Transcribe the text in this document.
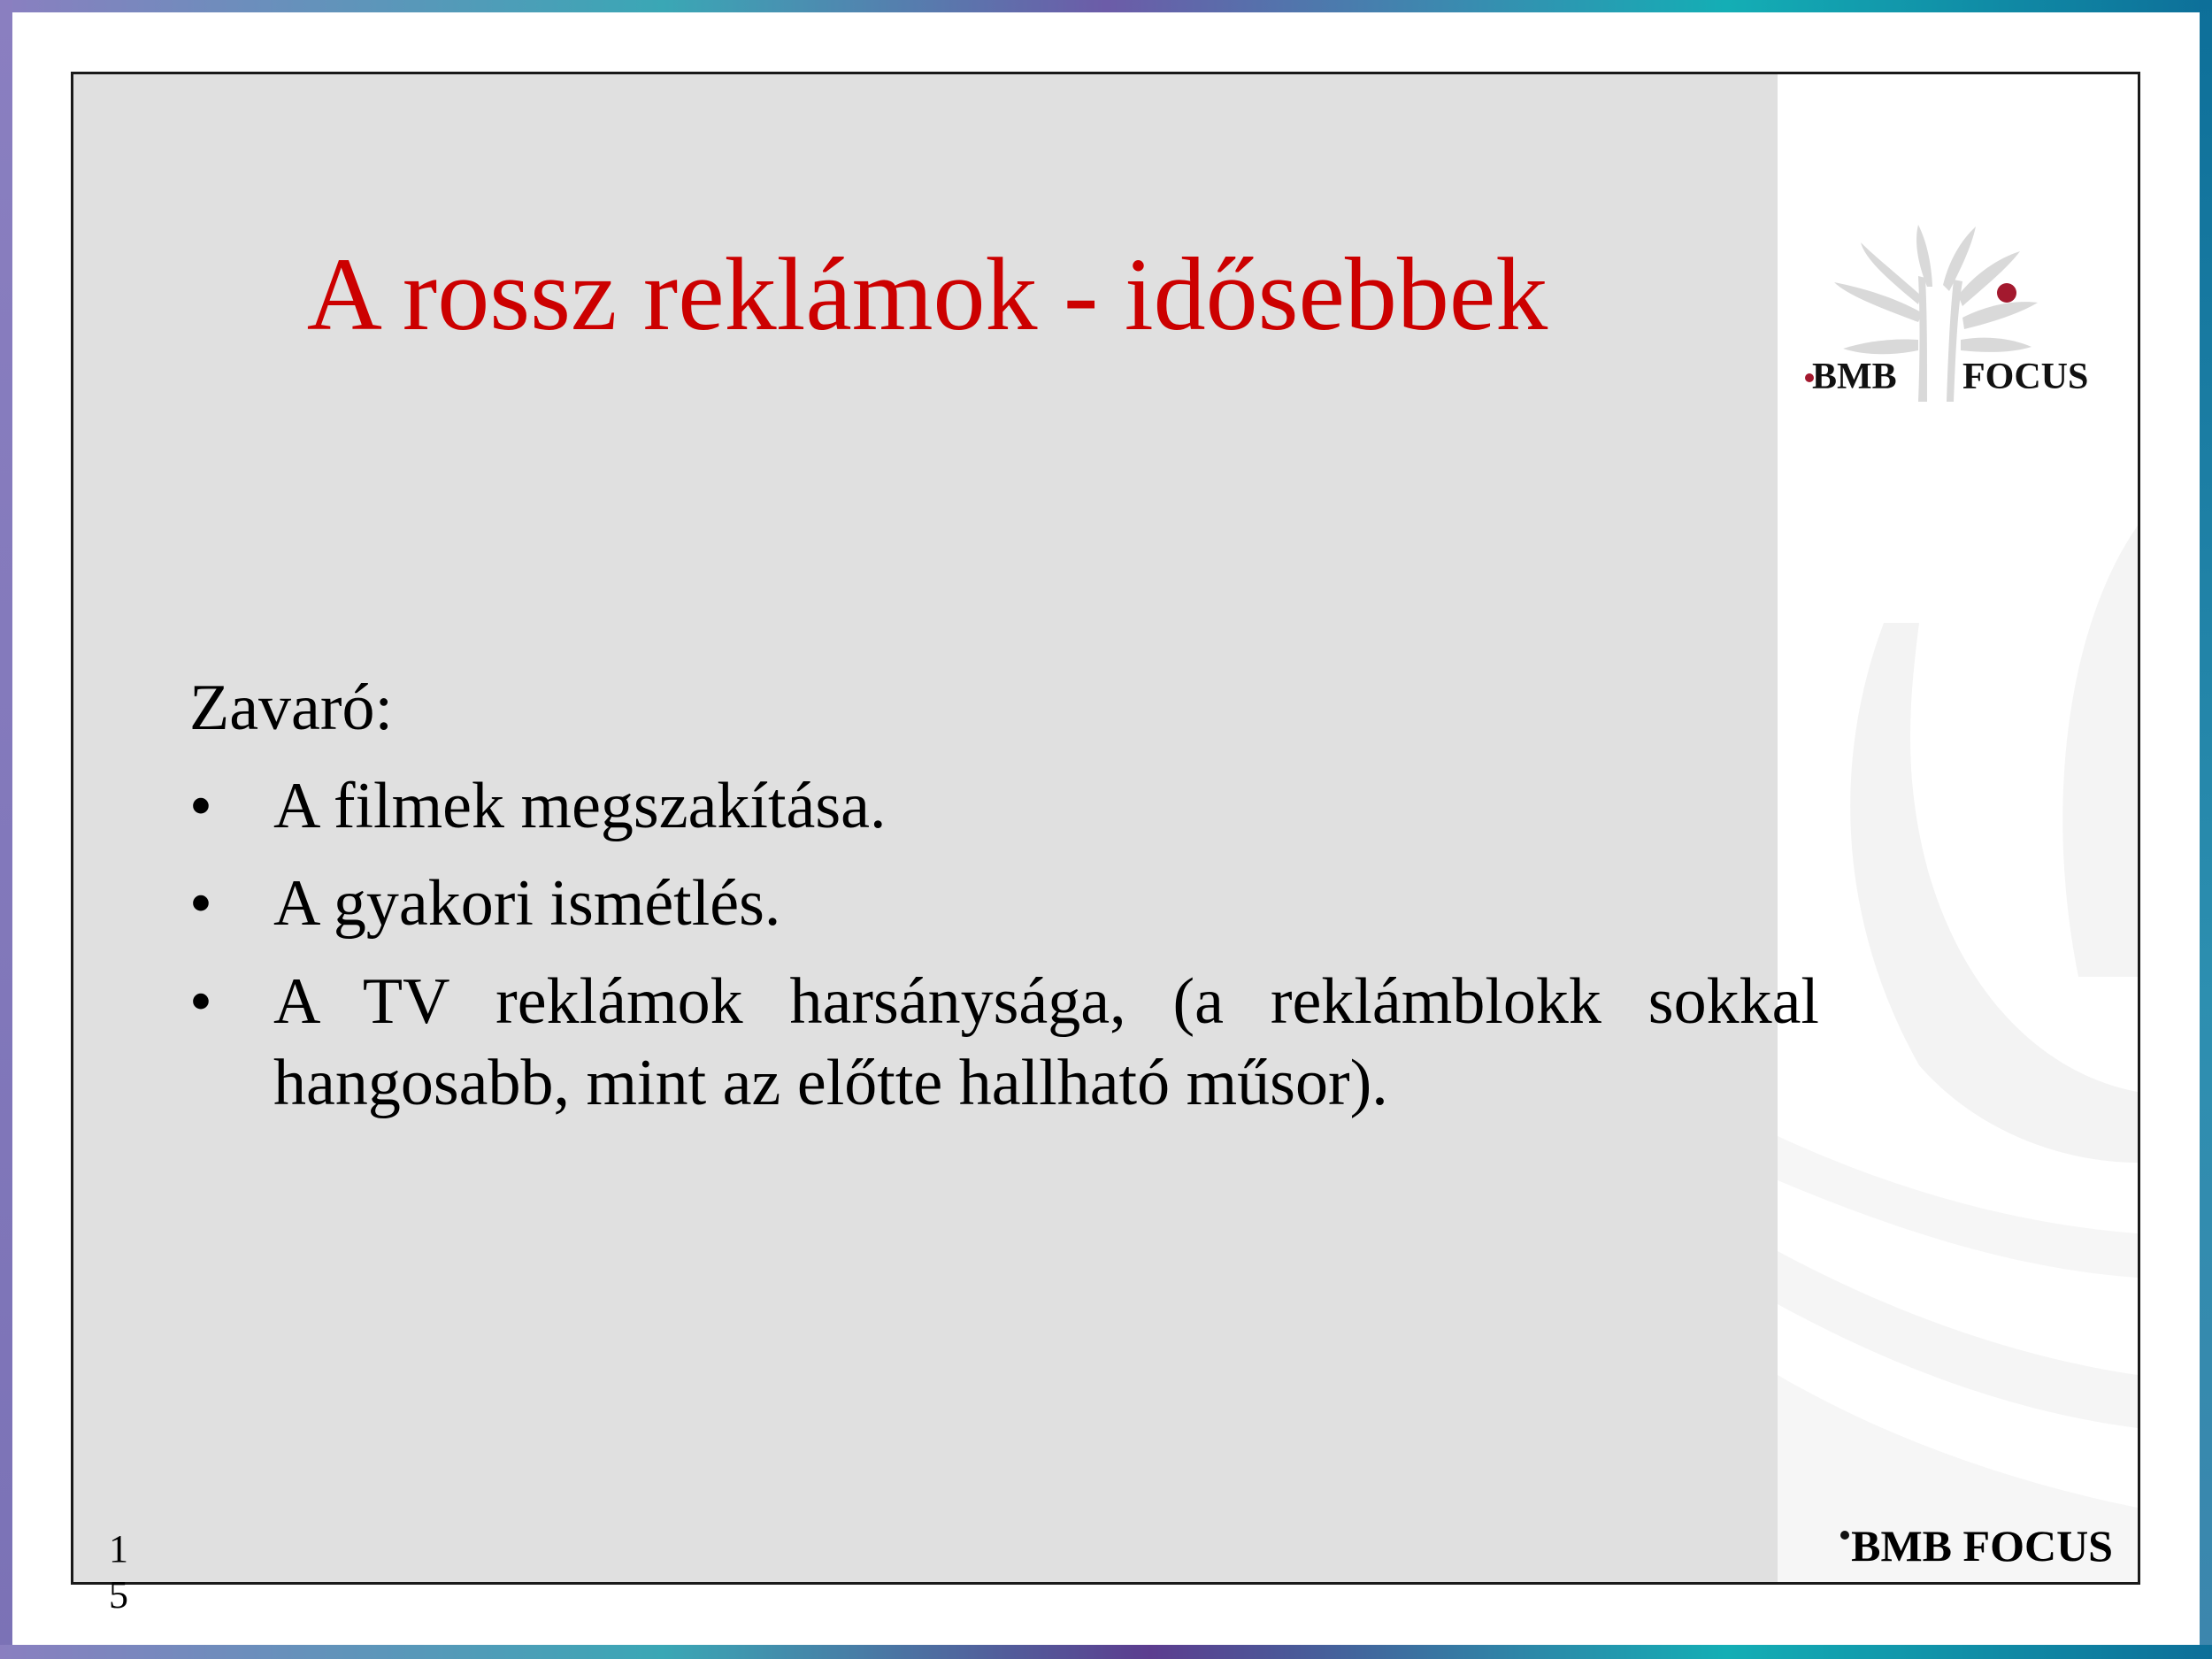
A rossz reklámok - idősebbek
Zavaró:
• A filmek megszakítása.
• A gyakori ismétlés.
• A TV reklámok harsánysága, (a reklámblokk sokkal hangosabb, mint az előtte hallható műsor).
BMB FOCUS
BMB FOCUS
1
5
